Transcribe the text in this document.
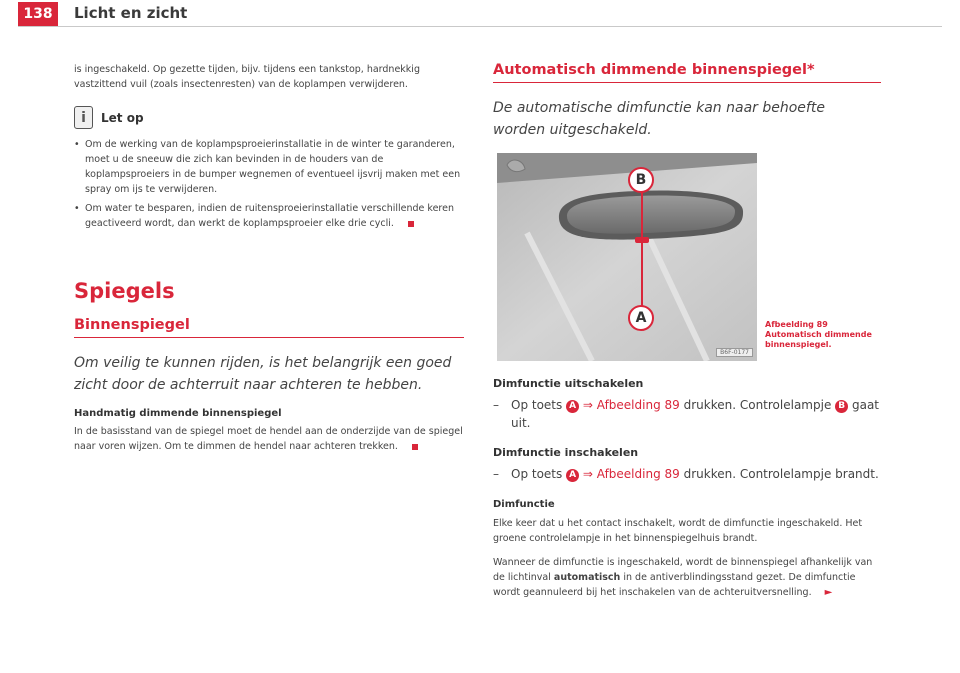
138	Licht en zicht

is ingeschakeld. Op gezette tijden, bijv. tijdens een tankstop, hardnekkig vastzittend vuil (zoals insectenresten) van de koplampen verwijderen.

i	Let op
• Om de werking van de koplampsproeierinstallatie in de winter te garanderen, moet u de sneeuw die zich kan bevinden in de houders van de koplampsproeiers in de bumper wegnemen of eventueel ijsvrij maken met een spray om ijs te verwijderen.
• Om water te besparen, indien de ruitensproeierinstallatie verschillende keren geactiveerd wordt, dan werkt de koplampsproeier elke drie cycli.
Spiegels
Binnenspiegel
Om veilig te kunnen rijden, is het belangrijk een goed zicht door de achterruit naar achteren te hebben.
Handmatig dimmende binnenspiegel

In de basisstand van de spiegel moet de hendel aan de onderzijde van de spiegel naar voren wijzen. Om te dimmen de hendel naar achteren trekken.

Automatisch dimmende binnenspiegel*
De automatische dimfunctie kan naar behoefte worden uitgeschakeld.
B
A
B6F-0177
Afbeelding 89 Automatisch dimmende binnenspiegel.
Dimfunctie uitschakelen
–	Op toets A ⇒ Afbeelding 89 drukken. Controlelampje B gaat uit.
Dimfunctie inschakelen
–	Op toets A ⇒ Afbeelding 89 drukken. Controlelampje brandt.
Dimfunctie

Elke keer dat u het contact inschakelt, wordt de dimfunctie ingeschakeld. Het groene controlelampje in het binnenspiegelhuis brandt.

Wanneer de dimfunctie is ingeschakeld, wordt de binnenspiegel afhankelijk van de lichtinval automatisch in de antiverblindingsstand gezet. De dimfunctie wordt geannuleerd bij het inschakelen van de achteruitversnelling. ►
